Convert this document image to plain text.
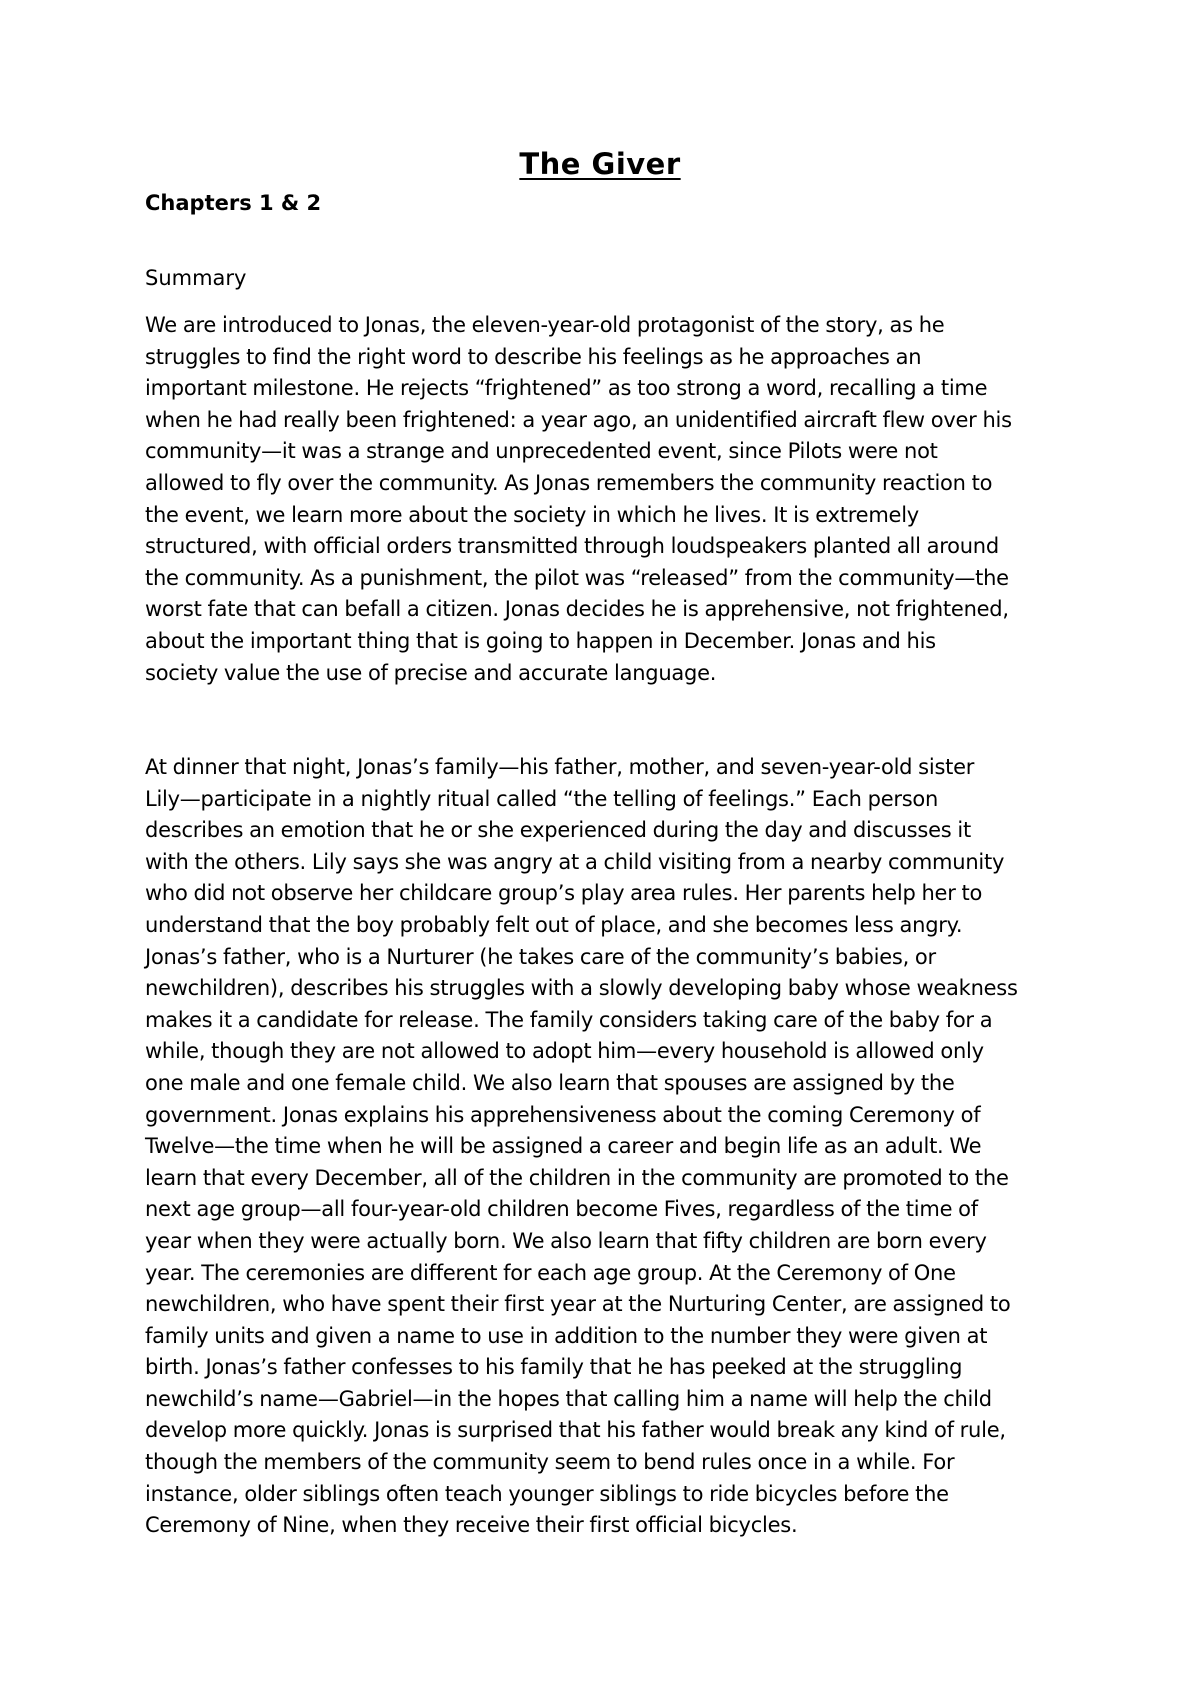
The Giver
Chapters 1 & 2
Summary
We are introduced to Jonas, the eleven-year-old protagonist of the story, as he
struggles to find the right word to describe his feelings as he approaches an
important milestone. He rejects “frightened” as too strong a word, recalling a time
when he had really been frightened: a year ago, an unidentified aircraft flew over his
community—it was a strange and unprecedented event, since Pilots were not
allowed to fly over the community. As Jonas remembers the community reaction to
the event, we learn more about the society in which he lives. It is extremely
structured, with official orders transmitted through loudspeakers planted all around
the community. As a punishment, the pilot was “released” from the community—the
worst fate that can befall a citizen. Jonas decides he is apprehensive, not frightened,
about the important thing that is going to happen in December. Jonas and his
society value the use of precise and accurate language.
At dinner that night, Jonas’s family—his father, mother, and seven-year-old sister
Lily—participate in a nightly ritual called “the telling of feelings.” Each person
describes an emotion that he or she experienced during the day and discusses it
with the others. Lily says she was angry at a child visiting from a nearby community
who did not observe her childcare group’s play area rules. Her parents help her to
understand that the boy probably felt out of place, and she becomes less angry.
Jonas’s father, who is a Nurturer (he takes care of the community’s babies, or
newchildren), describes his struggles with a slowly developing baby whose weakness
makes it a candidate for release. The family considers taking care of the baby for a
while, though they are not allowed to adopt him—every household is allowed only
one male and one female child. We also learn that spouses are assigned by the
government. Jonas explains his apprehensiveness about the coming Ceremony of
Twelve—the time when he will be assigned a career and begin life as an adult. We
learn that every December, all of the children in the community are promoted to the
next age group—all four-year-old children become Fives, regardless of the time of
year when they were actually born. We also learn that fifty children are born every
year. The ceremonies are different for each age group. At the Ceremony of One
newchildren, who have spent their first year at the Nurturing Center, are assigned to
family units and given a name to use in addition to the number they were given at
birth. Jonas’s father confesses to his family that he has peeked at the struggling
newchild’s name—Gabriel—in the hopes that calling him a name will help the child
develop more quickly. Jonas is surprised that his father would break any kind of rule,
though the members of the community seem to bend rules once in a while. For
instance, older siblings often teach younger siblings to ride bicycles before the
Ceremony of Nine, when they receive their first official bicycles.
